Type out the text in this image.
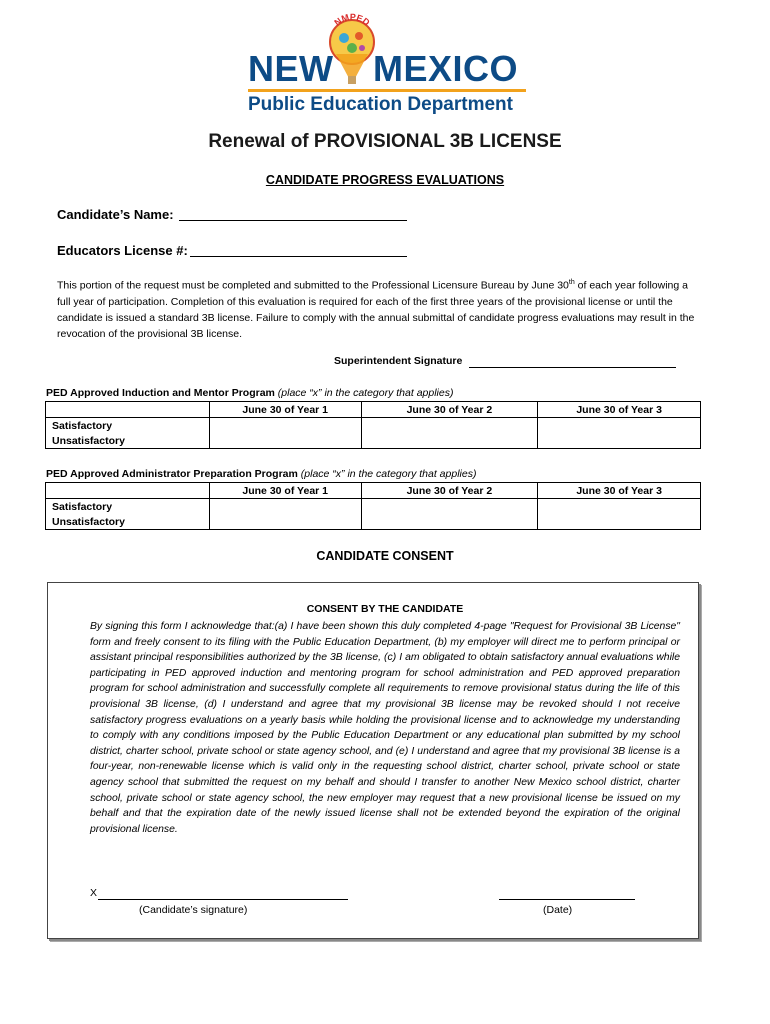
NEW
NMPED
MEXICO
Public Education Department
Renewal of PROVISIONAL 3B LICENSE
CANDIDATE PROGRESS EVALUATIONS
Candidate’s Name:
Educators License #:
This portion of the request must be completed and submitted to the Professional Licensure Bureau by June 30th of each year following a full year of participation. Completion of this evaluation is required for each of the first three years of the provisional license or until the candidate is issued a standard 3B license. Failure to comply with the annual submittal of candidate progress evaluations may result in the revocation of the provisional 3B license.
Superintendent Signature
PED Approved Induction and Mentor Program (place “x” in the category that applies)
	June 30 of Year 1	June 30 of Year 2	June 30 of Year 3
Satisfactory			
Unsatisfactory			
PED Approved Administrator Preparation Program (place “x” in the category that applies)
	June 30 of Year 1	June 30 of Year 2	June 30 of Year 3
Satisfactory			
Unsatisfactory			
CANDIDATE CONSENT
CONSENT BY THE CANDIDATE
By signing this form I acknowledge that:(a) I have been shown this duly completed 4-page "Request for Provisional 3B License" form and freely consent to its filing with the Public Education Department, (b) my employer will direct me to perform principal or assistant principal responsibilities authorized by the 3B license, (c) I am obligated to obtain satisfactory annual evaluations while participating in PED approved induction and mentoring program for school administration and PED approved preparation program for school administration and successfully complete all requirements to remove provisional status during the life of this provisional 3B license, (d) I understand and agree that my provisional 3B license may be revoked should I not receive satisfactory progress evaluations on a yearly basis while holding the provisional license and to acknowledge my understanding to comply with any conditions imposed by the Public Education Department or any educational plan submitted by my school district, charter school, private school or state agency school, and (e) I understand and agree that my provisional 3B license is a four-year, non-renewable license which is valid only in the requesting school district, charter school, private school or state agency school that submitted the request on my behalf and should I transfer to another New Mexico school district, charter school, private school or state agency school, the new employer may request that a new provisional license be issued on my behalf and that the expiration date of the newly issued license shall not be extended beyond the expiration of the original provisional license.
X
(Candidate’s signature)	(Date)
